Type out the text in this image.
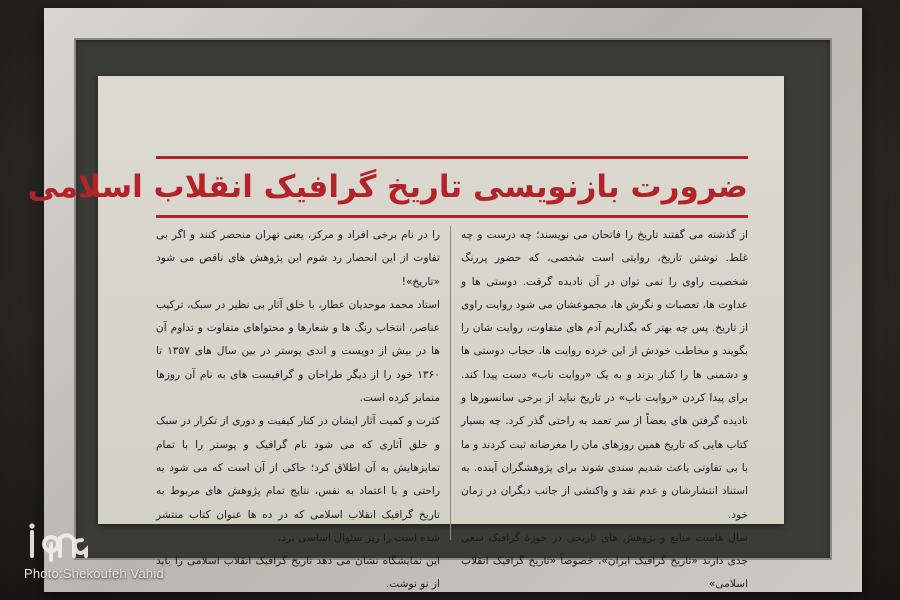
ضرورت بازنویسی تاریخ گرافیک انقلاب اسلامی

از گذشته می گفتند تاریخ را فاتحان می نویسند؛ چه درست و چه غلط. نوشتن تاریخ، روایتی است شخصی، که حضور پررنگ شخصیت راوی را نمی توان در آن نادیده گرفت. دوستی ها و عداوت ها، تعصبات و نگرش ها، مجموعشان می شود روایت راوی از تاریخ. پس چه بهتر که بگذاریم آدم های متفاوت، روایت شان را بگویند و مخاطب خودش از این خرده روایت ها، حجاب دوستی ها و دشمنی ها را کنار بزند و به یک «روایت ناب» دست پیدا کند. برای پیدا کردن «روایت ناب» در تاریخ نباید از برخی سانسورها و نادیده گرفتن های بعضاً از سر تعمد به راحتی گذر کرد. چه بسیار کتاب هایی که تاریخ همین روزهای مان را مغرضانه ثبت کردند و ما با بی تفاوتی باعث شدیم سندی شوند برای پژوهشگران آینده. به استناد انتشارشان و عدم نقد و واکنشی از جانب دیگران در زمان خود.

سال هاست منابع و پژوهش های تاریخی در حوزۀ گرافیک سعی جدی دارند «تاریخ گرافیک ایران»، خصوصاً «تاریخ گرافیک انقلاب اسلامی»

را در نام برخی افراد و مرکز، یعنی تهران منحصر کنند و اگر بی تفاوت از این انحصار رد شوم این پژوهش های ناقص می شود «تاریخ»!

استاد محمد موحدیان عطار، با خلق آثار بی نظیر در سبک، ترکیب عناصر، انتخاب رنگ ها و شعارها و محتواهای متفاوت و تداوم آن ها در بیش از دویست و اندی پوستر در بین سال های ۱۳۵۷ تا ۱۳۶۰ خود را از دیگر طراحان و گرافیست های به نام آن روزها متمایز کرده است.

کثرت و کمیت آثار ایشان در کنار کیفیت و دوری از تکرار در سبک و خلق آثاری که می شود نام گرافیک و پوستر را با تمام تمایزهایش به آن اطلاق کرد؛ حاکی از آن است که می شود به راحتی و با اعتماد به نفس، نتایج تمام پژوهش های مربوط به تاریخ گرافیک انقلاب اسلامی که در ده ها عنوان کتاب منتشر شده است را زیر سئوال اساسی برد.

این نمایشگاه نشان می دهد تاریخ گرافیک انقلاب اسلامی را باید از نو نوشت.

Photo:Shekoufeh Vahid
